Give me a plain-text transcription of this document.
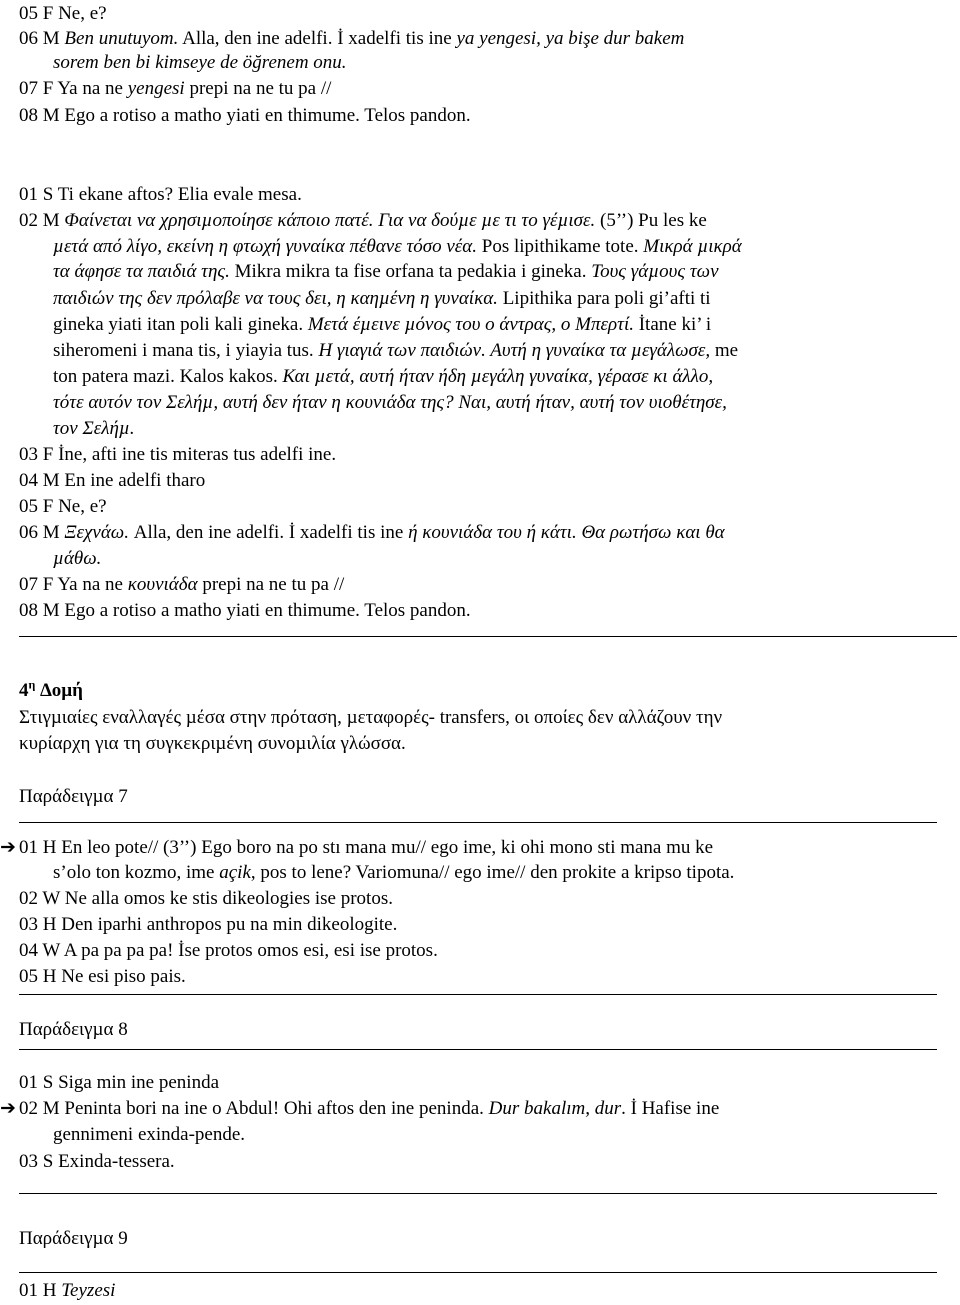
05 F Ne, e?
06 M Ben unutuyom. Alla, den ine adelfi. İ xadelfi tis ine ya yengesi, ya bişe dur bakem
sorem ben bi kimseye de öğrenem onu.
07 F Ya na ne yengesi prepi na ne tu pa //
08 M Ego a rotiso a matho yiati en thimume. Telos pandon.
01 S Ti ekane aftos? Elia evale mesa.
02 M Φαίνεται να χρησιµοποίησε κάποιο πατέ. Για να δούµε µε τι το γέµισε. (5’’) Pu les ke
µετά από λίγο, εκείνη η φτωχή γυναίκα πέθανε τόσο νέα. Pos lipithikame tote. Μικρά µικρά
τα άφησε τα παιδιά της. Mikra mikra ta fise orfana ta pedakia i gineka. Τους γάµους των
παιδιών της δεν πρόλαβε να τους δει, η καηµένη η γυναίκα. Lipithika para poli gi’afti ti
gineka yiati itan poli kali gineka. Μετά έµεινε µόνος του ο άντρας, ο Μπερτί. İtane ki’ i
siheromeni i mana tis, i yiayia tus. Η γιαγιά των παιδιών. Αυτή η γυναίκα τα µεγάλωσε, me
ton patera mazi. Kalos kakos. Και µετά, αυτή ήταν ήδη µεγάλη γυναίκα, γέρασε κι άλλο,
τότε αυτόν τον Σελήµ, αυτή δεν ήταν η κουνιάδα της? Ναι, αυτή ήταν, αυτή τον υιοθέτησε,
τον Σελήµ.
03 F İne, afti ine tis miteras tus adelfi ine.
04 M En ine adelfi tharo
05 F Ne, e?
06 M Ξεχνάω. Alla, den ine adelfi. İ xadelfi tis ine ή κουνιάδα του ή κάτι. Θα ρωτήσω και θα
µάθω.
07 F Ya na ne κουνιάδα prepi na ne tu pa //
08 M Ego a rotiso a matho yiati en thimume. Telos pandon.
$4^\eta$ ∆οµή
Στιγµιαίες εναλλαγές µέσα στην πρόταση, µεταφορές- transfers, οι οποίες δεν αλλάζουν την
κυρίαρχη για τη συγκεκριµένη συνοµιλία γλώσσα.
Παράδειγµα 7
➔ 01 H En leo pote// (3’’) Ego boro na po stı mana mu// ego ime, ki ohi mono sti mana mu ke
s’olo ton kozmo, ime açik, pos to lene? Variomuna// ego ime// den prokite a kripso tipota.
02 W Ne alla omos ke stis dikeologies ise protos.
03 H Den iparhi anthropos pu na min dikeologite.
04 W A pa pa pa pa! İse protos omos esi, esi ise protos.
05 H Ne esi piso pais.
Παράδειγµα 8
01 S Siga min ine peninda
➔ 02 M Peninta bori na ine o Abdul! Ohi aftos den ine peninda. Dur bakalım, dur. İ Hafise ine
gennimeni exinda-pende.
03 S Exinda-tessera.
Παράδειγµα 9
01 H Teyzesi
